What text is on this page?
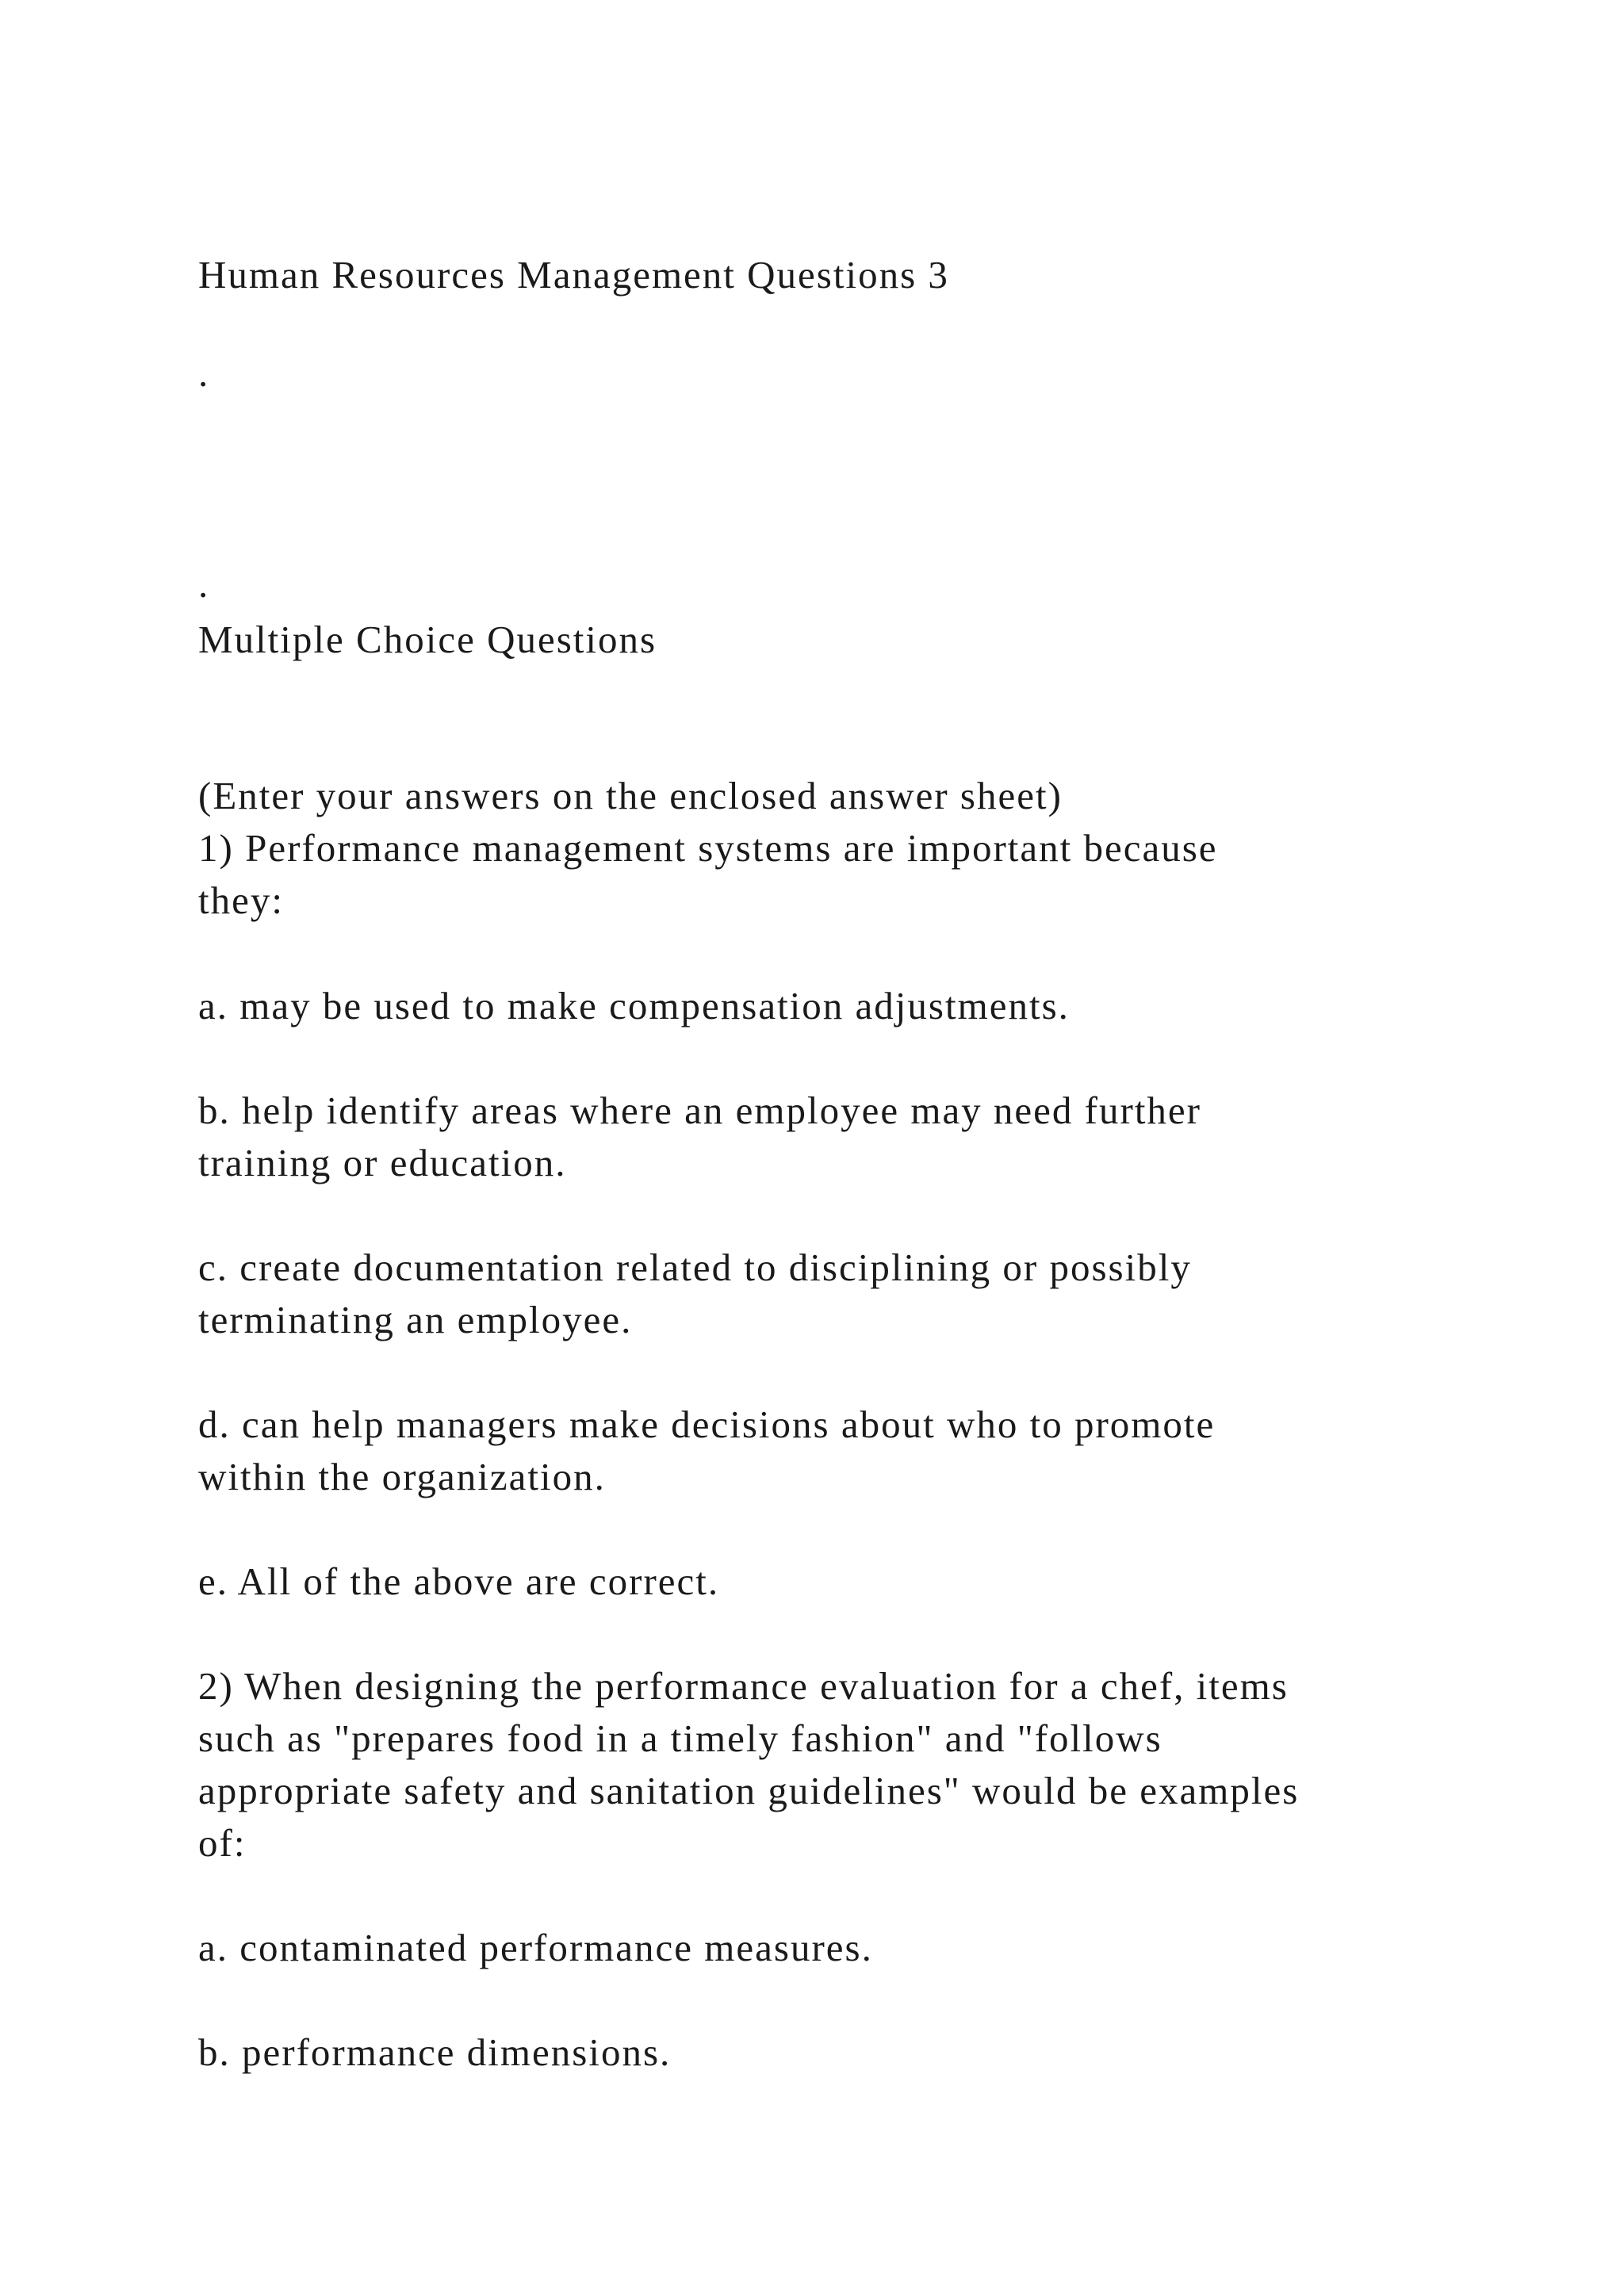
Human Resources Management Questions 3

.

.

Multiple Choice Questions

(Enter your answers on the enclosed answer sheet)

1) Performance management systems are important because

they:

a. may be used to make compensation adjustments.

b. help identify areas where an employee may need further

training or education.

c. create documentation related to disciplining or possibly

terminating an employee.

d. can help managers make decisions about who to promote

within the organization.

e. All of the above are correct.

2) When designing the performance evaluation for a chef, items

such as "prepares food in a timely fashion" and "follows

appropriate safety and sanitation guidelines" would be examples

of:

a. contaminated performance measures.

b. performance dimensions.
